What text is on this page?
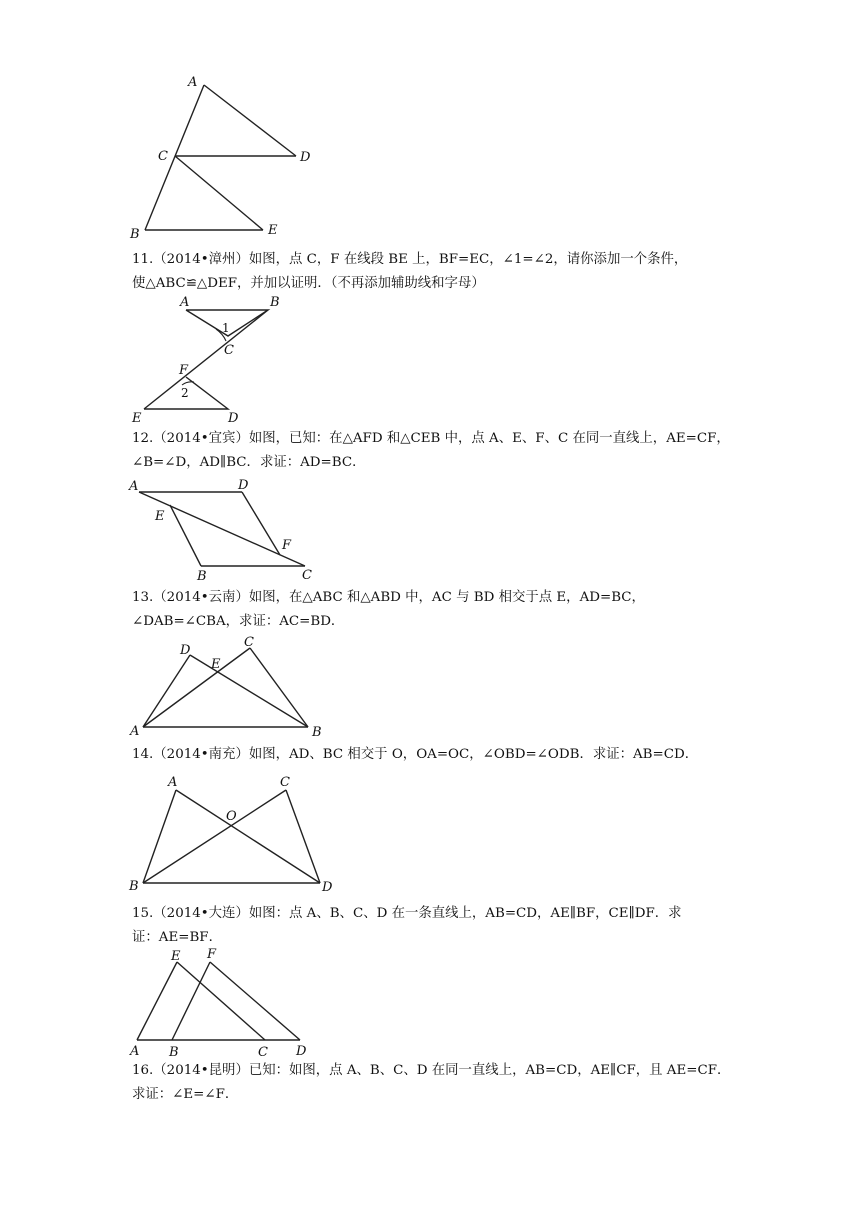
A
C	D
B	E

11.（2014•漳州）如图，点 C，F 在线段 BE 上，BF=EC，∠1=∠2，请你添加一个条件，
使△ABC≌△DEF，并加以证明．（不再添加辅助线和字母）

A	B
1
C
F
2
E	D

12.（2014•宜宾）如图，已知：在△AFD 和△CEB 中，点 A、E、F、C 在同一直线上，AE=CF，
∠B=∠D，AD∥BC．求证：AD=BC．

A	D
E
F
B	C

13.（2014•云南）如图，在△ABC 和△ABD 中，AC 与 BD 相交于点 E，AD=BC，
∠DAB=∠CBA，求证：AC=BD．

D
E
C
A	B

14.（2014•南充）如图，AD、BC 相交于 O，OA=OC，∠OBD=∠ODB．求证：AB=CD．

A	C
O
B	D

15.（2014•大连）如图：点 A、B、C、D 在一条直线上，AB=CD，AE∥BF，CE∥DF．求
证：AE=BF．

E F
A B	C D

16.（2014•昆明）已知：如图，点 A、B、C、D 在同一直线上，AB=CD，AE∥CF，且 AE=CF．
求证：∠E=∠F．
